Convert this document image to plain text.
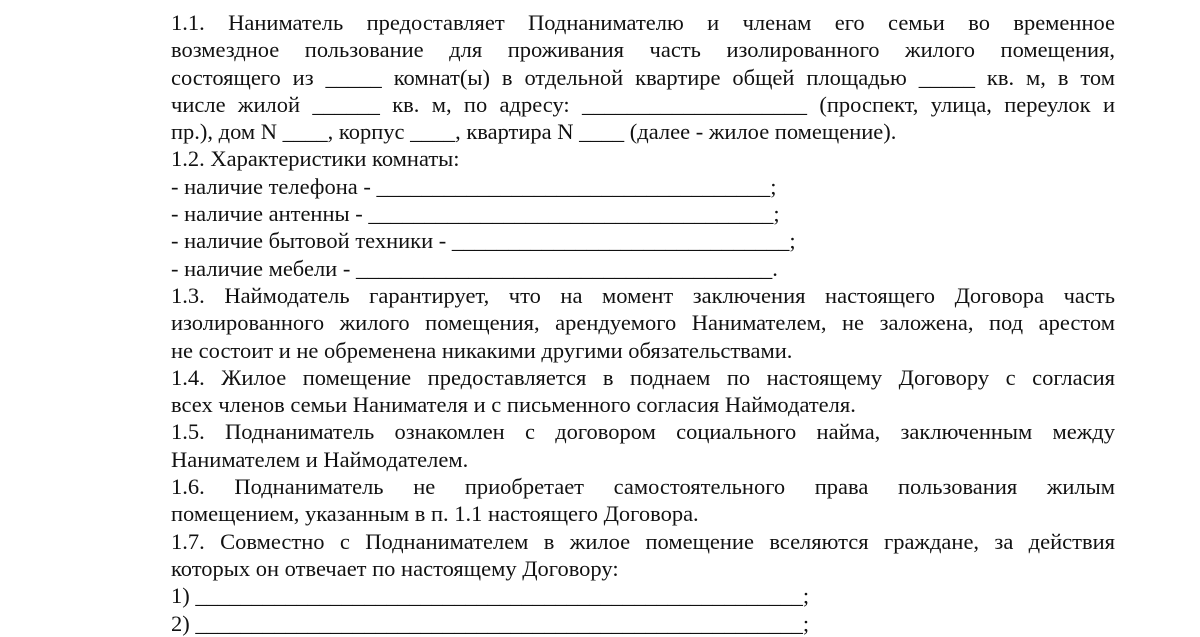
1.1. Наниматель предоставляет Поднанимателю и членам его семьи во временное
возмездное пользование для проживания часть изолированного жилого помещения,
состоящего из _____ комнат(ы) в отдельной квартире общей площадью _____ кв. м, в том
числе жилой ______ кв. м, по адресу: ____________________ (проспект, улица, переулок и
пр.), дом N ____, корпус ____, квартира N ____ (далее - жилое помещение).
1.2. Характеристики комнаты:
- наличие телефона - ___________________________________;
- наличие антенны - ____________________________________;
- наличие бытовой техники - ______________________________;
- наличие мебели - _____________________________________.
1.3. Наймодатель гарантирует, что на момент заключения настоящего Договора часть
изолированного жилого помещения, арендуемого Нанимателем, не заложена, под арестом
не состоит и не обременена никакими другими обязательствами.
1.4. Жилое помещение предоставляется в поднаем по настоящему Договору с согласия
всех членов семьи Нанимателя и с письменного согласия Наймодателя.
1.5. Поднаниматель ознакомлен с договором социального найма, заключенным между
Нанимателем и Наймодателем.
1.6. Поднаниматель не приобретает самостоятельного права пользования жилым
помещением, указанным в п. 1.1 настоящего Договора.
1.7. Совместно с Поднанимателем в жилое помещение вселяются граждане, за действия
которых он отвечает по настоящему Договору:
1) ______________________________________________________;
2) ______________________________________________________;
